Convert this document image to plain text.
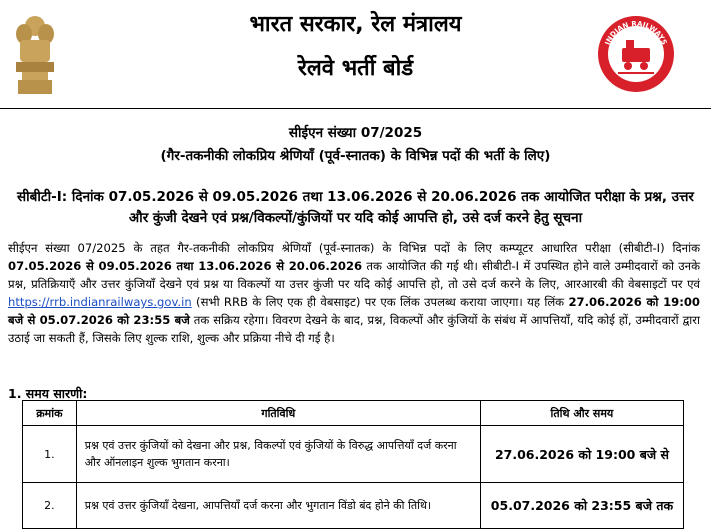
भारत सरकार, रेल मंत्रालय
रेलवे भर्ती बोर्ड
INDIAN RAILWAYS
सीईएन संख्या 07/2025
(गैर-तकनीकी लोकप्रिय श्रेणियाँ (पूर्व-स्नातक) के विभिन्न पदों की भर्ती के लिए)
सीबीटी-I: दिनांक 07.05.2026 से 09.05.2026 तथा 13.06.2026 से 20.06.2026 तक आयोजित परीक्षा के प्रश्न, उत्तर और कुंजी देखने एवं प्रश्न/विकल्पों/कुंजियों पर यदि कोई आपत्ति हो, उसे दर्ज करने हेतु सूचना
सीईएन संख्या 07/2025 के तहत गैर-तकनीकी लोकप्रिय श्रेणियाँ (पूर्व-स्नातक) के विभिन्न पदों के लिए कम्प्यूटर आधारित परीक्षा (सीबीटी-I) दिनांक 07.05.2026 से 09.05.2026 तथा 13.06.2026 से 20.06.2026 तक आयोजित की गई थी। सीबीटी-I में उपस्थित होने वाले उम्मीदवारों को उनके प्रश्न, प्रतिक्रियाएँ और उत्तर कुंजियाँ देखने एवं प्रश्न या विकल्पों या उत्तर कुंजी पर यदि कोई आपत्ति हो, तो उसे दर्ज करने के लिए, आरआरबी की वेबसाइटों पर एवं https://rrb.indianrailways.gov.in (सभी RRB के लिए एक ही वेबसाइट) पर एक लिंक उपलब्ध कराया जाएगा। यह लिंक 27.06.2026 को 19:00 बजे से 05.07.2026 को 23:55 बजे तक सक्रिय रहेगा। विवरण देखने के बाद, प्रश्न, विकल्पों और कुंजियों के संबंध में आपत्तियाँ, यदि कोई हों, उम्मीदवारों द्वारा उठाई जा सकती हैं, जिसके लिए शुल्क राशि, शुल्क और प्रक्रिया नीचे दी गई है।
1. समय सारणी:
क्रमांक	गतिविधि	तिथि और समय
1.	प्रश्न एवं उत्तर कुंजियों को देखना और प्रश्न, विकल्पों एवं कुंजियों के विरुद्ध आपत्तियाँ दर्ज करना और ऑनलाइन शुल्क भुगतान करना।	27.06.2026 को 19:00 बजे से

2.	प्रश्न एवं उत्तर कुंजियाँ देखना, आपत्तियाँ दर्ज करना और भुगतान विंडो बंद होने की तिथि।	05.07.2026 को 23:55 बजे तक
